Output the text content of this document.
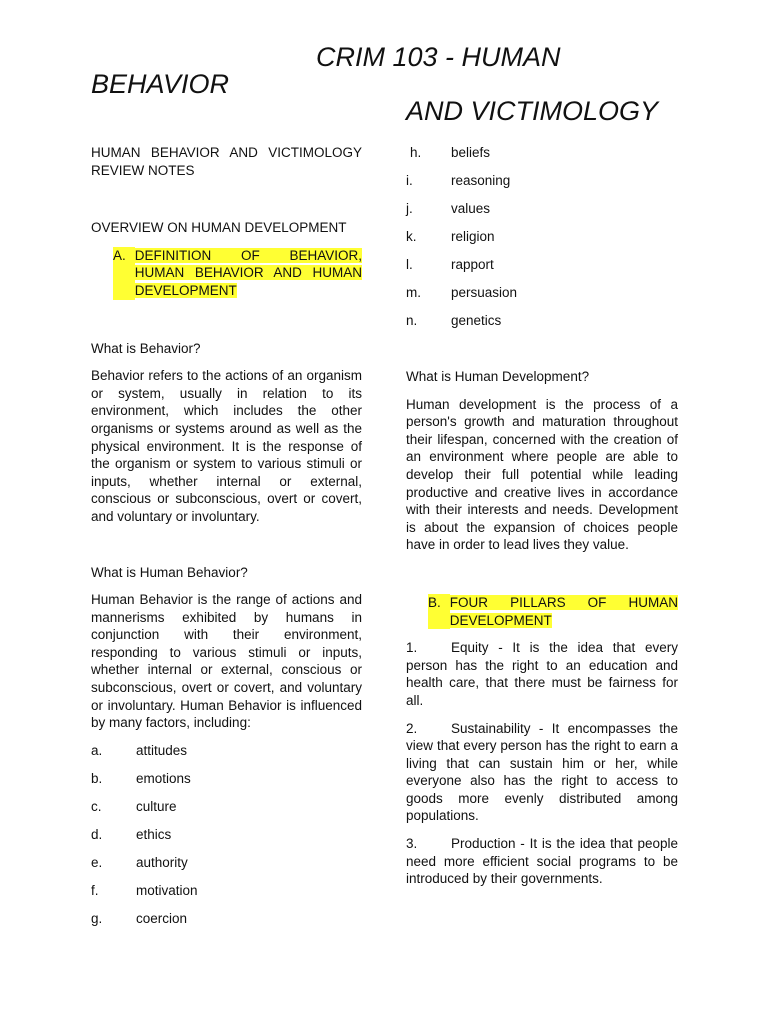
CRIM 103 - HUMAN
BEHAVIOR
AND VICTIMOLOGY

HUMAN BEHAVIOR AND VICTIMOLOGY REVIEW NOTES

OVERVIEW ON HUMAN DEVELOPMENT

A. DEFINITION OF BEHAVIOR, HUMAN BEHAVIOR AND HUMAN DEVELOPMENT

What is Behavior?

Behavior refers to the actions of an organism or system, usually in relation to its environment, which includes the other organisms or systems around as well as the physical environment. It is the response of the organism or system to various stimuli or inputs, whether internal or external, conscious or subconscious, overt or covert, and voluntary or involuntary.

What is Human Behavior?

Human Behavior is the range of actions and mannerisms exhibited by humans in conjunction with their environment, responding to various stimuli or inputs, whether internal or external, conscious or subconscious, overt or covert, and voluntary or involuntary. Human Behavior is influenced by many factors, including:

a.	attitudes
b.	emotions
c.	culture
d.	ethics
e.	authority
f.	motivation
g.	coercion
h.	beliefs
i.	reasoning
j.	values
k.	religion
l.	rapport
m.	persuasion
n.	genetics

What is Human Development?

Human development is the process of a person's growth and maturation throughout their lifespan, concerned with the creation of an environment where people are able to develop their full potential while leading productive and creative lives in accordance with their interests and needs. Development is about the expansion of choices people have in order to lead lives they value.

B. FOUR PILLARS OF HUMAN DEVELOPMENT

1. Equity - It is the idea that every person has the right to an education and health care, that there must be fairness for all.

2. Sustainability - It encompasses the view that every person has the right to earn a living that can sustain him or her, while everyone also has the right to access to goods more evenly distributed among populations.

3. Production - It is the idea that people need more efficient social programs to be introduced by their governments.
